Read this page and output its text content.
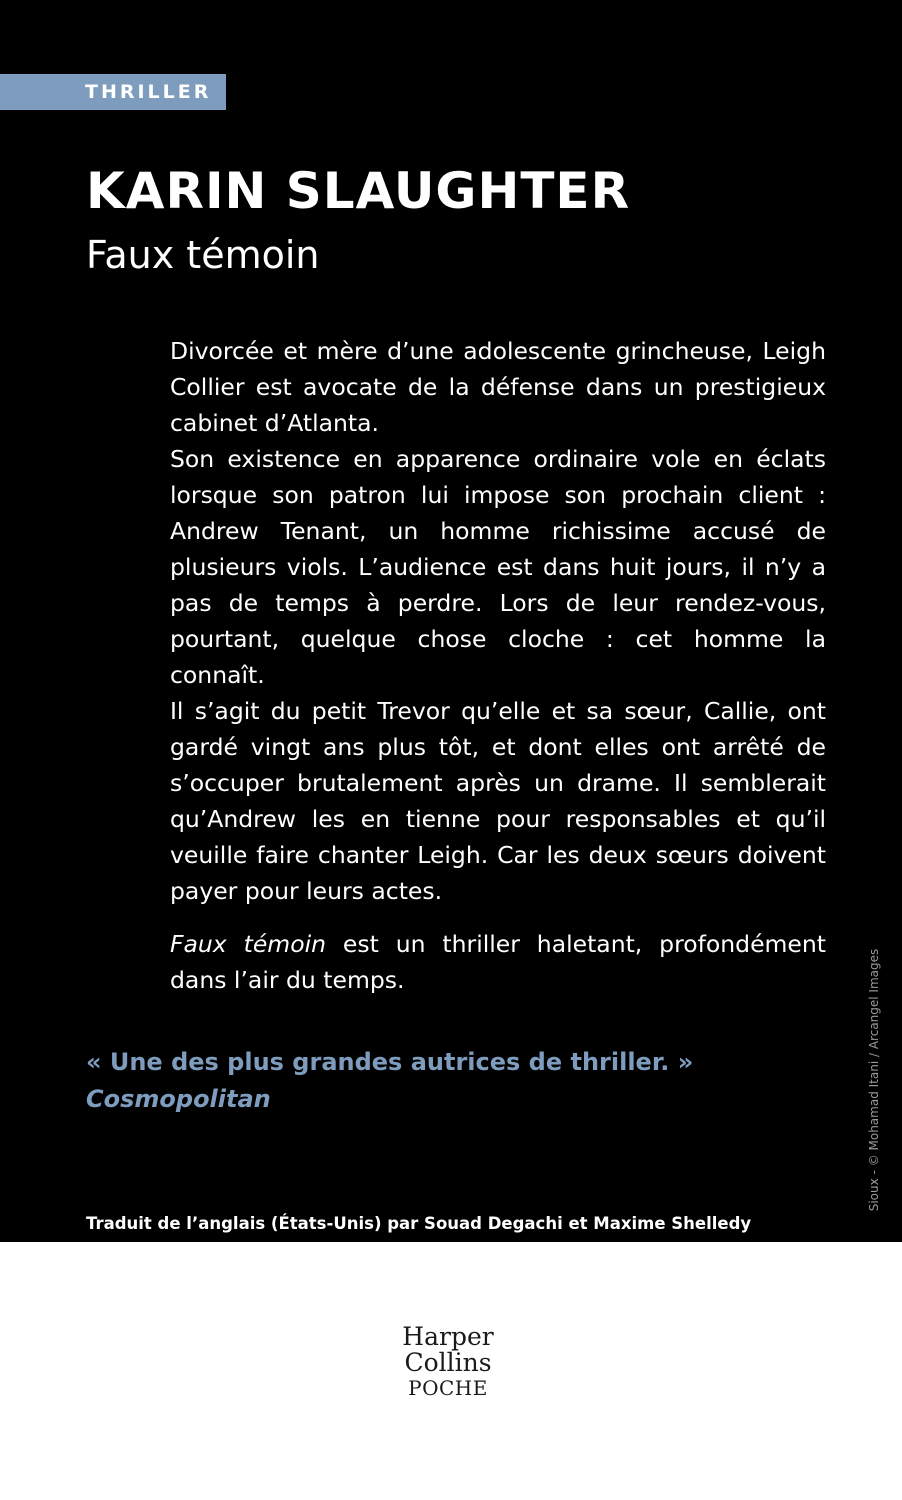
THRILLER
KARIN SLAUGHTER
Faux témoin

Divorcée et mère d’une adolescente grincheuse, Leigh Collier est avocate de la défense dans un prestigieux cabinet d’Atlanta.

Son existence en apparence ordinaire vole en éclats lorsque son patron lui impose son prochain client : Andrew Tenant, un homme richissime accusé de plusieurs viols. L’audience est dans huit jours, il n’y a pas de temps à perdre. Lors de leur rendez-vous, pourtant, quelque chose cloche : cet homme la connaît.

Il s’agit du petit Trevor qu’elle et sa sœur, Callie, ont gardé vingt ans plus tôt, et dont elles ont arrêté de s’occuper brutalement après un drame. Il semblerait qu’Andrew les en tienne pour responsables et qu’il veuille faire chanter Leigh. Car les deux sœurs doivent payer pour leurs actes.

Faux témoin est un thriller haletant, profondément dans l’air du temps.

« Une des plus grandes autrices de thriller. »
Cosmopolitan
Traduit de l’anglais (États-Unis) par Souad Degachi et Maxime Shelledy
Sioux - © Mohamad Itani / Arcangel Images
Harper
Collins
POCHE
